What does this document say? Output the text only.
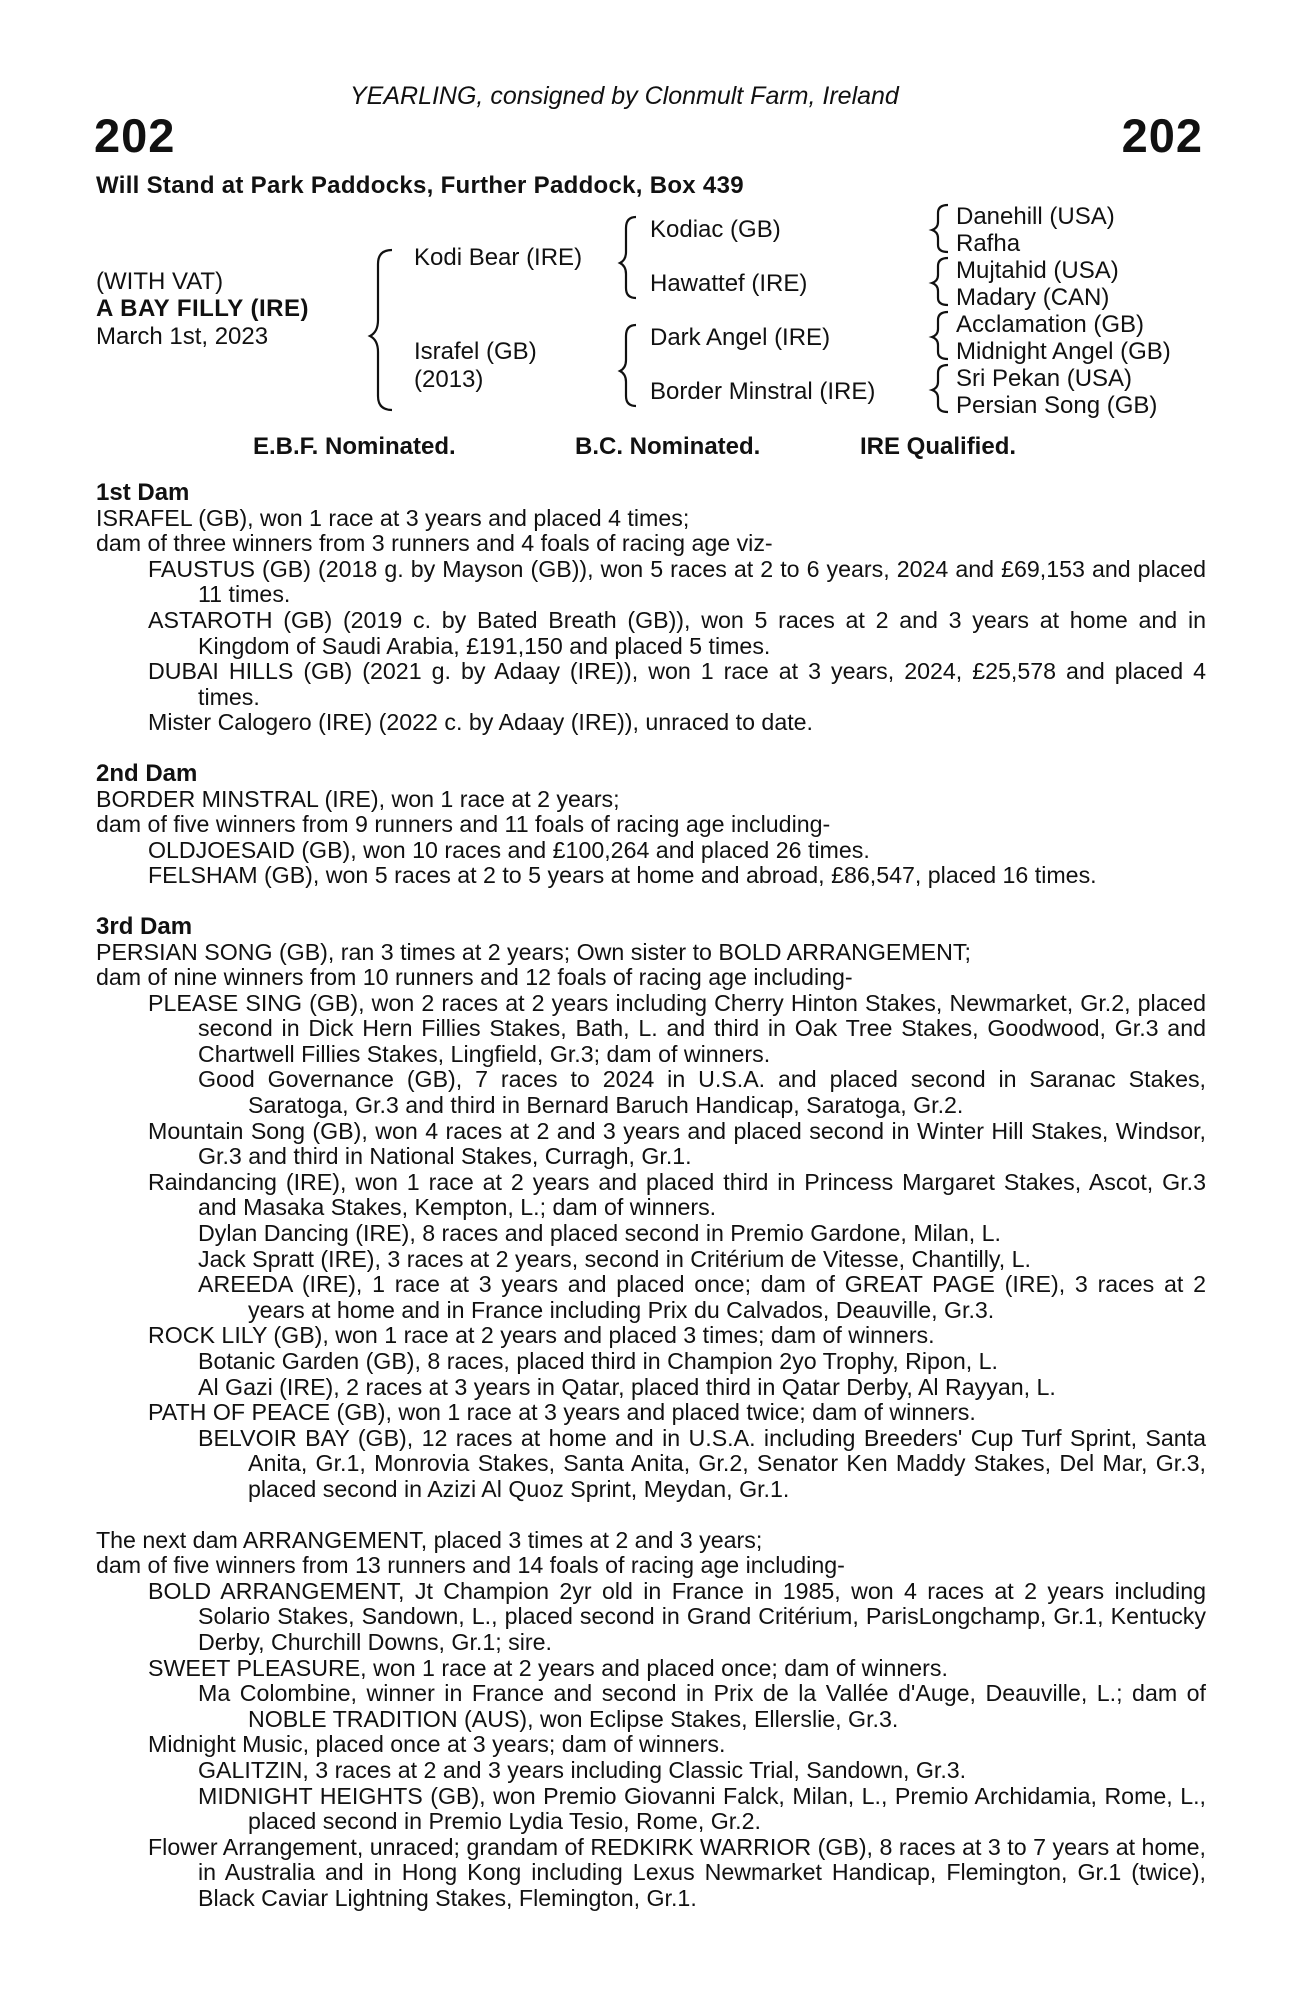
YEARLING, consigned by Clonmult Farm, Ireland
202	202
Will Stand at Park Paddocks, Further Paddock, Box 439
(WITH VAT)
A BAY FILLY (IRE)
March 1st, 2023
Kodi Bear (IRE)
Israfel (GB)
(2013)
Kodiac (GB)
Hawattef (IRE)
Dark Angel (IRE)
Border Minstral (IRE)
Danehill (USA)
Rafha
Mujtahid (USA)
Madary (CAN)
Acclamation (GB)
Midnight Angel (GB)
Sri Pekan (USA)
Persian Song (GB)
E.B.F. Nominated.	B.C. Nominated.	IRE Qualified.
1st Dam
ISRAFEL (GB), won 1 race at 3 years and placed 4 times;
dam of three winners from 3 runners and 4 foals of racing age viz-
FAUSTUS (GB) (2018 g. by Mayson (GB)), won 5 races at 2 to 6 years, 2024 and £69,153 and placed 11 times.
ASTAROTH (GB) (2019 c. by Bated Breath (GB)), won 5 races at 2 and 3 years at home and in Kingdom of Saudi Arabia, £191,150 and placed 5 times.
DUBAI HILLS (GB) (2021 g. by Adaay (IRE)), won 1 race at 3 years, 2024, £25,578 and placed 4 times.
Mister Calogero (IRE) (2022 c. by Adaay (IRE)), unraced to date.
2nd Dam
BORDER MINSTRAL (IRE), won 1 race at 2 years;
dam of five winners from 9 runners and 11 foals of racing age including-
OLDJOESAID (GB), won 10 races and £100,264 and placed 26 times.
FELSHAM (GB), won 5 races at 2 to 5 years at home and abroad, £86,547, placed 16 times.
3rd Dam
PERSIAN SONG (GB), ran 3 times at 2 years; Own sister to BOLD ARRANGEMENT;
dam of nine winners from 10 runners and 12 foals of racing age including-
PLEASE SING (GB), won 2 races at 2 years including Cherry Hinton Stakes, Newmarket, Gr.2, placed second in Dick Hern Fillies Stakes, Bath, L. and third in Oak Tree Stakes, Goodwood, Gr.3 and Chartwell Fillies Stakes, Lingfield, Gr.3; dam of winners.
Good Governance (GB), 7 races to 2024 in U.S.A. and placed second in Saranac Stakes, Saratoga, Gr.3 and third in Bernard Baruch Handicap, Saratoga, Gr.2.
Mountain Song (GB), won 4 races at 2 and 3 years and placed second in Winter Hill Stakes, Windsor, Gr.3 and third in National Stakes, Curragh, Gr.1.
Raindancing (IRE), won 1 race at 2 years and placed third in Princess Margaret Stakes, Ascot, Gr.3 and Masaka Stakes, Kempton, L.; dam of winners.
Dylan Dancing (IRE), 8 races and placed second in Premio Gardone, Milan, L.
Jack Spratt (IRE), 3 races at 2 years, second in Critérium de Vitesse, Chantilly, L.
AREEDA (IRE), 1 race at 3 years and placed once; dam of GREAT PAGE (IRE), 3 races at 2 years at home and in France including Prix du Calvados, Deauville, Gr.3.
ROCK LILY (GB), won 1 race at 2 years and placed 3 times; dam of winners.
Botanic Garden (GB), 8 races, placed third in Champion 2yo Trophy, Ripon, L.
Al Gazi (IRE), 2 races at 3 years in Qatar, placed third in Qatar Derby, Al Rayyan, L.
PATH OF PEACE (GB), won 1 race at 3 years and placed twice; dam of winners.
BELVOIR BAY (GB), 12 races at home and in U.S.A. including Breeders' Cup Turf Sprint, Santa Anita, Gr.1, Monrovia Stakes, Santa Anita, Gr.2, Senator Ken Maddy Stakes, Del Mar, Gr.3, placed second in Azizi Al Quoz Sprint, Meydan, Gr.1.
The next dam ARRANGEMENT, placed 3 times at 2 and 3 years;
dam of five winners from 13 runners and 14 foals of racing age including-
BOLD ARRANGEMENT, Jt Champion 2yr old in France in 1985, won 4 races at 2 years including Solario Stakes, Sandown, L., placed second in Grand Critérium, ParisLongchamp, Gr.1, Kentucky Derby, Churchill Downs, Gr.1; sire.
SWEET PLEASURE, won 1 race at 2 years and placed once; dam of winners.
Ma Colombine, winner in France and second in Prix de la Vallée d'Auge, Deauville, L.; dam of NOBLE TRADITION (AUS), won Eclipse Stakes, Ellerslie, Gr.3.
Midnight Music, placed once at 3 years; dam of winners.
GALITZIN, 3 races at 2 and 3 years including Classic Trial, Sandown, Gr.3.
MIDNIGHT HEIGHTS (GB), won Premio Giovanni Falck, Milan, L., Premio Archidamia, Rome, L., placed second in Premio Lydia Tesio, Rome, Gr.2.
Flower Arrangement, unraced; grandam of REDKIRK WARRIOR (GB), 8 races at 3 to 7 years at home, in Australia and in Hong Kong including Lexus Newmarket Handicap, Flemington, Gr.1 (twice), Black Caviar Lightning Stakes, Flemington, Gr.1.
